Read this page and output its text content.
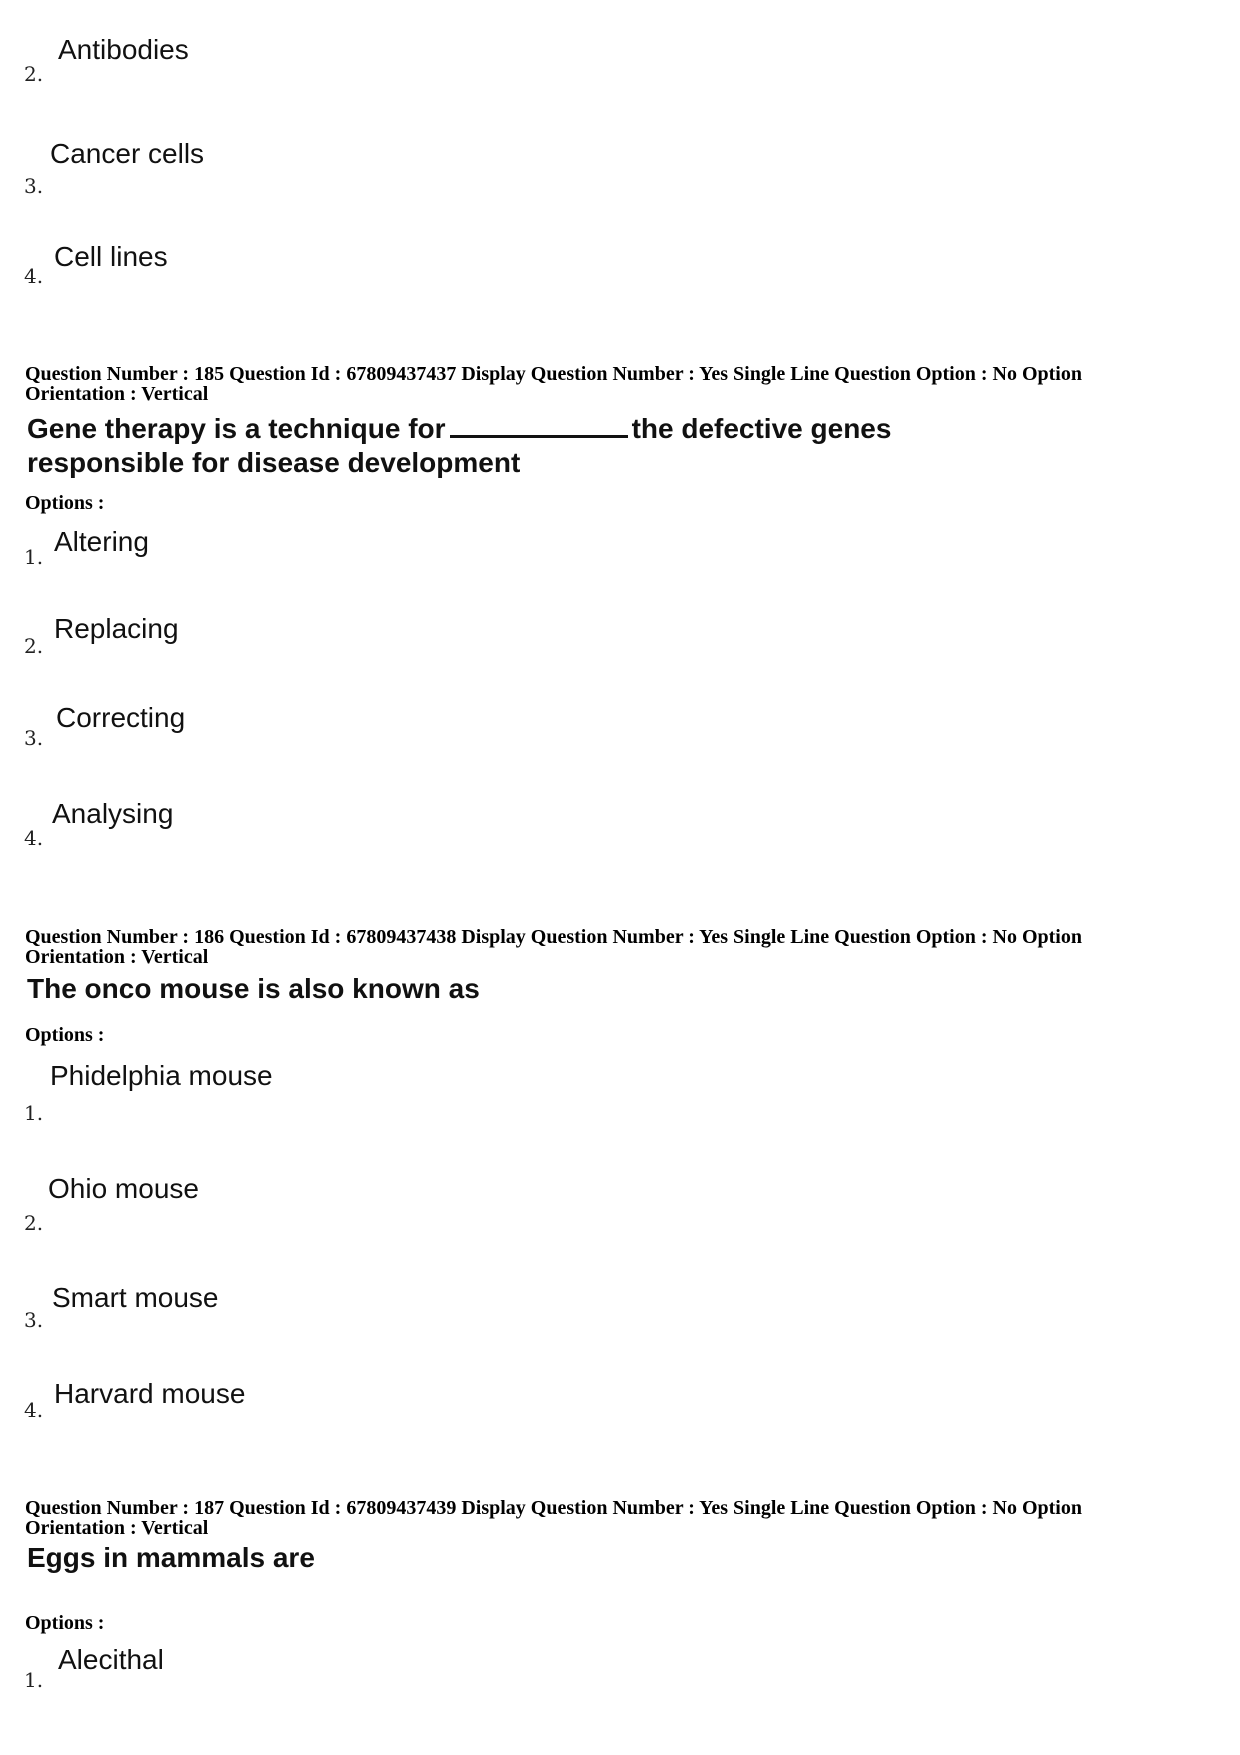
2.
Antibodies
3.
Cancer cells
4.
Cell lines
Question Number : 185 Question Id : 67809437437 Display Question Number : Yes Single Line Question Option : No Option
Orientation : Vertical
Gene therapy is a technique for	the defective genes
responsible for disease development
Options :
1. Altering
2.
Replacing
3.
Correcting
4.
Analysing
Question Number : 186 Question Id : 67809437438 Display Question Number : Yes Single Line Question Option : No Option
Orientation : Vertical
The onco mouse is also known as
Options :
1.
Phidelphia mouse
2.
Ohio mouse
3.
Smart mouse
4.
Harvard mouse
Question Number : 187 Question Id : 67809437439 Display Question Number : Yes Single Line Question Option : No Option
Orientation : Vertical
Eggs in mammals are
Options :
1.
Alecithal
